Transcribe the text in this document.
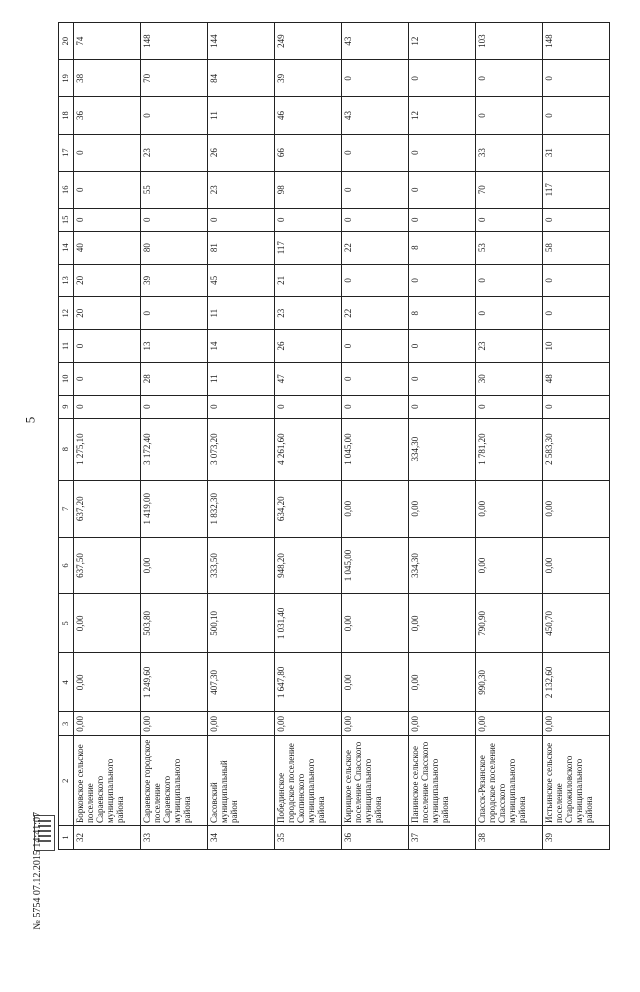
5
1	2	3	4	5	6	7	8	9	10	11	12	13	14	15	16	17	18	19	20
32	Борковское сельское поселение Сараевского муниципального района	0,00	0,00	0,00	637,50	637,20	1 275,10	0	0	0	20	20	40	0	0	0	36	38	74
33	Сараевское городское поселение Сараевского муниципального района	0,00	1 249,60	503,80	0,00	1 419,00	3 172,40	0	28	13	0	39	80	0	55	23	0	70	148
34	Сасовский муниципальный район	0,00	407,30	500,10	333,50	1 832,30	3 073,20	0	11	14	11	45	81	0	23	26	11	84	144
35	Побединское городское поселение Скопинского муниципального района	0,00	1 647,80	1 031,40	948,20	634,20	4 261,60	0	47	26	23	21	117	0	98	66	46	39	249
36	Кирицкое сельское поселение Спасского муниципального района	0,00	0,00	0,00	1 045,00	0,00	1 045,00	0	0	0	22	0	22	0	0	0	43	0	43
37	Панинское сельское поселение Спасского муниципального района	0,00	0,00	0,00	334,30	0,00	334,30	0	0	0	8	0	8	0	0	0	12	0	12
38	Спасск-Рязанское городское поселение Спасского муниципального района	0,00	990,30	790,90	0,00	0,00	1 781,20	0	30	23	0	0	53	0	70	33	0	0	103
39	Истьинское сельское поселение Старожиловского муниципального района	0,00	2 132,60	450,70	0,00	0,00	2 583,30	0	48	10	0	0	58	0	117	31	0	0	148
№ 5754 07.12.2015 14:41:07
